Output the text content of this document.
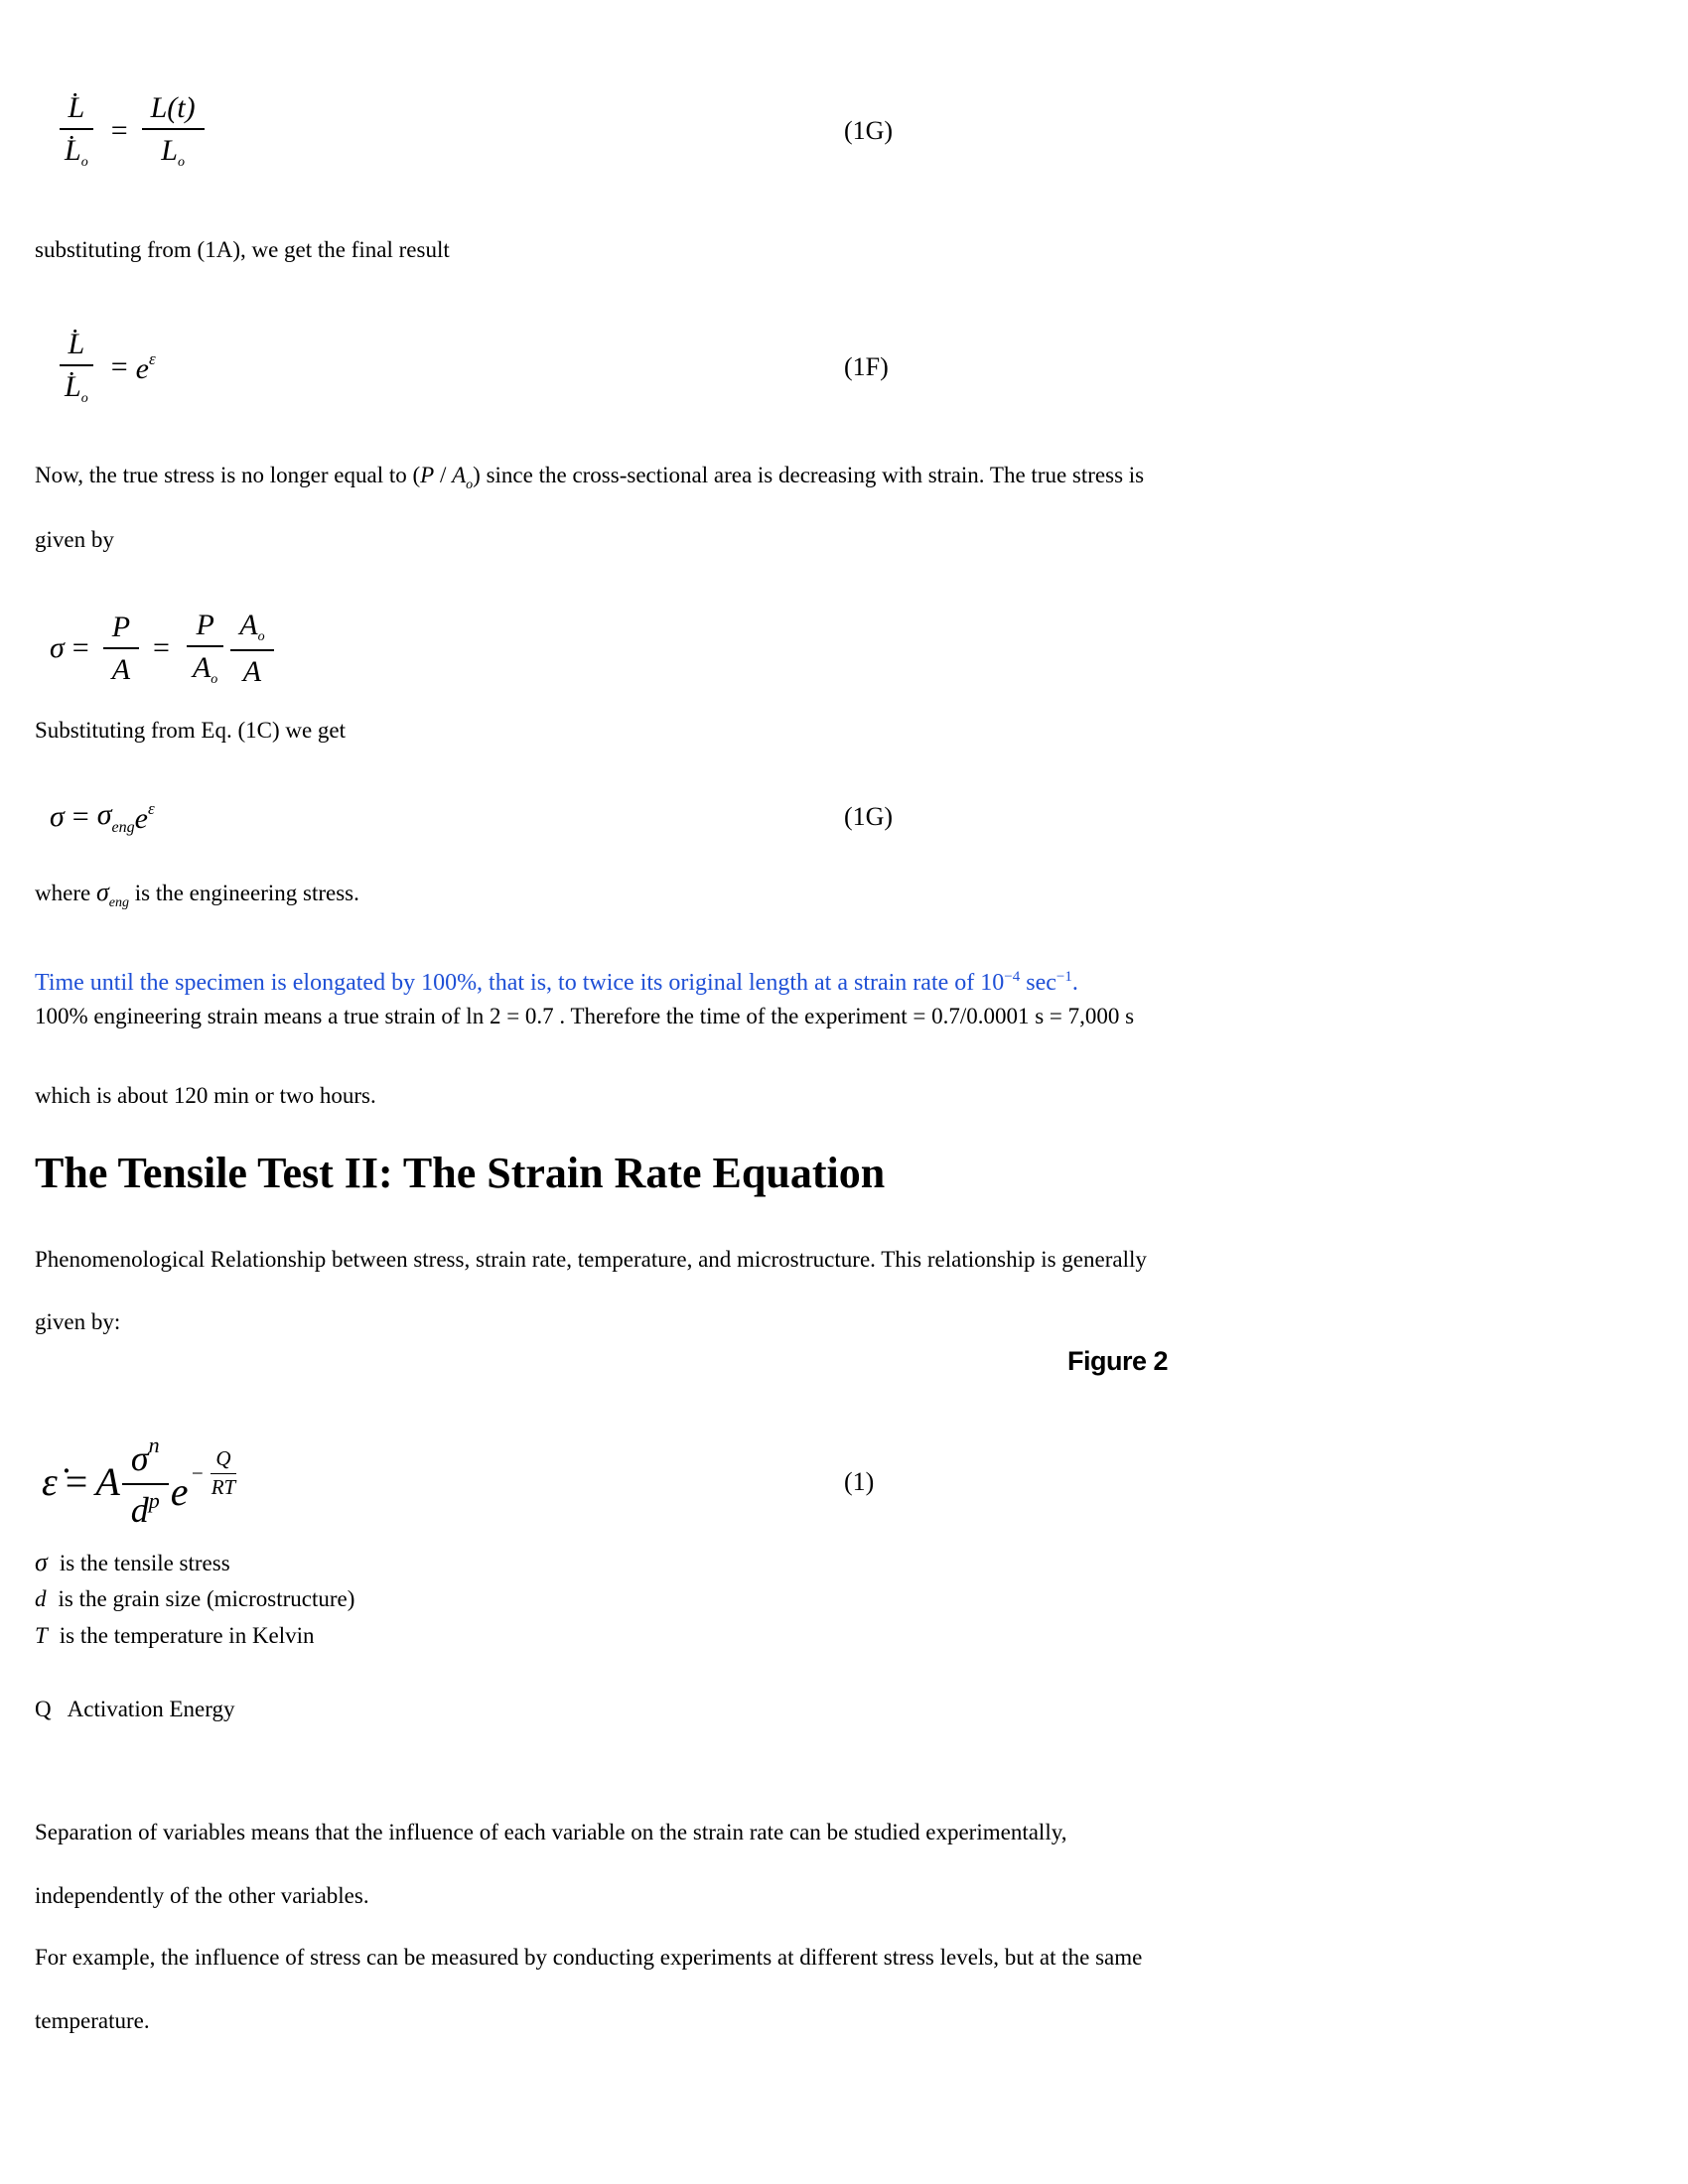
$\frac{L̇}{L̇_o} = \frac{L(t)}{L_o}$	(1G)
substituting from (1A), we get the final result
$\frac{L̇}{L̇_o} = e^\varepsilon$	(1F)
Now, the true stress is no longer equal to $(P / A_o)$ since the cross-sectional area is decreasing with strain. The true stress is
given by
$\sigma = \frac{P}{A} = \frac{P}{A_o} \frac{A_o}{A}$
Substituting from Eq. (1C) we get
$\sigma = \sigma_{eng}$ $e^\varepsilon$	(1G)
where $\sigma_{eng}$ is the engineering stress.
Time until the specimen is elongated by 100%, that is, to twice its original length at a strain rate of $10^{-4}$ $\sec^{-1}$.
100% engineering strain means a true strain of ln 2 = 0.7 . Therefore the time of the experiment = 0.7/0.0001 s = 7,000 s
which is about 120 min or two hours.
The Tensile Test II: The Strain Rate Equation
Phenomenological Relationship between stress, strain rate, temperature, and microstructure. This relationship is generally
given by:
Figure 2
ε̇ = A $\frac{\sigma^n}{d^p}$ $e - \frac{Q}{RT}$	(1)
σ is the tensile stress
d is the grain size (microstructure)
T is the temperature in Kelvin
Q Activation Energy
Separation of variables means that the influence of each variable on the strain rate can be studied experimentally,
independently of the other variables.
For example, the influence of stress can be measured by conducting experiments at different stress levels, but at the same
temperature.
